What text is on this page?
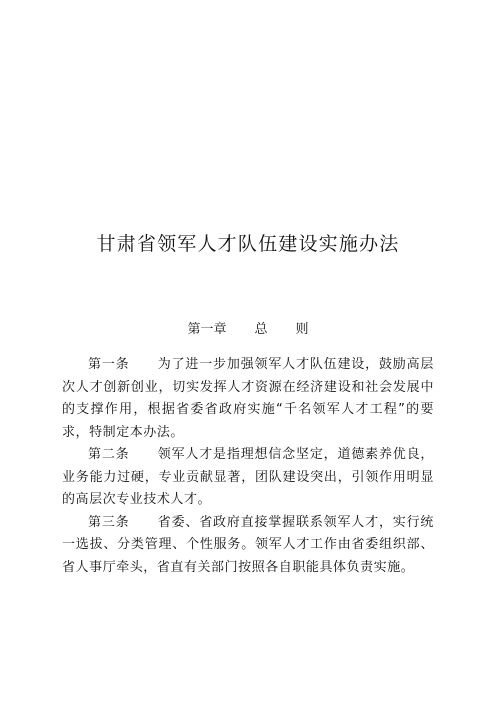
甘肃省领军人才队伍建设实施办法
第一章 总 则

第一条 为了进一步加强领军人才队伍建设，鼓励高层次人才创新创业，切实发挥人才资源在经济建设和社会发展中的支撑作用，根据省委省政府实施“千名领军人才工程”的要求，特制定本办法。

第二条 领军人才是指理想信念坚定，道德素养优良，业务能力过硬，专业贡献显著，团队建设突出，引领作用明显的高层次专业技术人才。

第三条 省委、省政府直接掌握联系领军人才，实行统一选拔、分类管理、个性服务。领军人才工作由省委组织部、省人事厅牵头，省直有关部门按照各自职能具体负责实施。
